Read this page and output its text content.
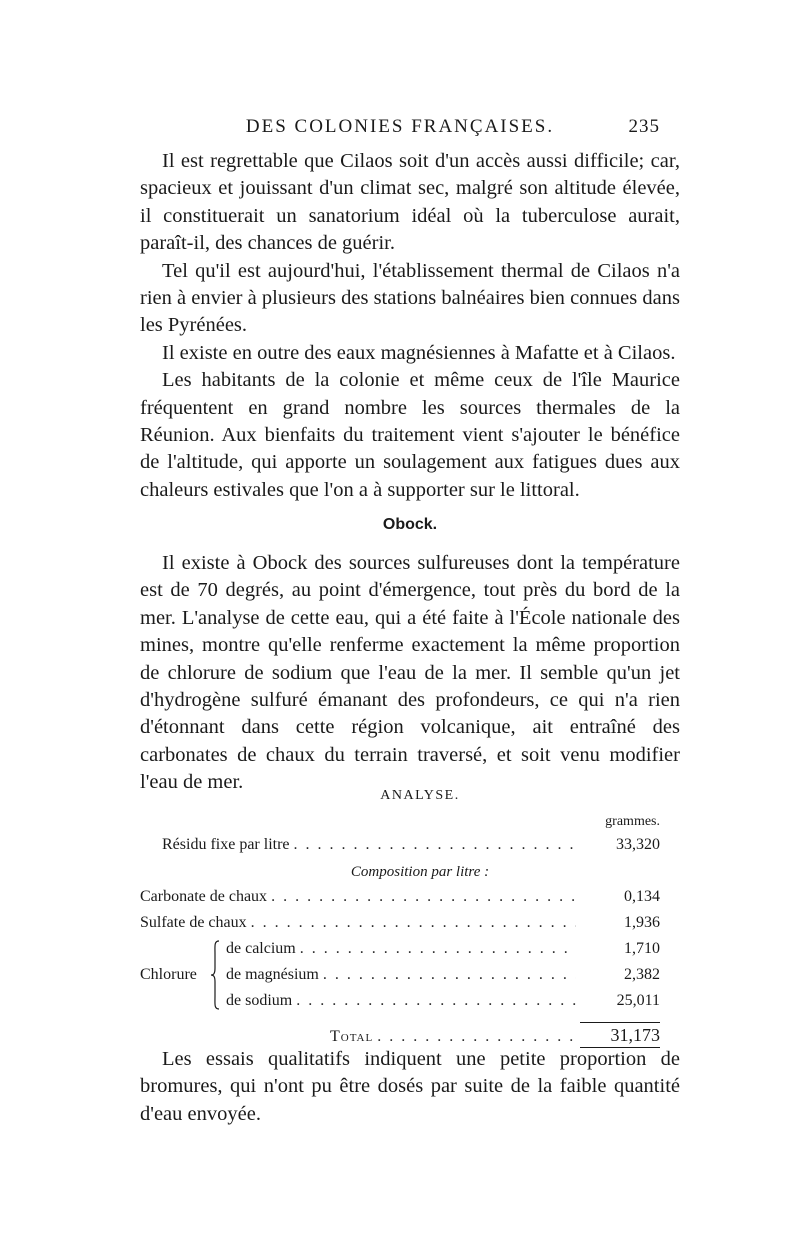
DES COLONIES FRANÇAISES.	235

Il est regrettable que Cilaos soit d'un accès aussi difficile; car, spacieux et jouissant d'un climat sec, malgré son altitude élevée, il constituerait un sanatorium idéal où la tuberculose aurait, paraît-il, des chances de guérir.

Tel qu'il est aujourd'hui, l'établissement thermal de Cilaos n'a rien à envier à plusieurs des stations balnéaires bien connues dans les Pyrénées.

Il existe en outre des eaux magnésiennes à Mafatte et à Cilaos.

Les habitants de la colonie et même ceux de l'île Maurice fréquentent en grand nombre les sources thermales de la Réunion. Aux bienfaits du traitement vient s'ajouter le bénéfice de l'altitude, qui apporte un soulagement aux fatigues dues aux chaleurs estivales que l'on a à supporter sur le littoral.

Obock.

Il existe à Obock des sources sulfureuses dont la température est de 70 degrés, au point d'émergence, tout près du bord de la mer. L'analyse de cette eau, qui a été faite à l'École nationale des mines, montre qu'elle renferme exactement la même proportion de chlorure de sodium que l'eau de la mer. Il semble qu'un jet d'hydrogène sulfuré émanant des profondeurs, ce qui n'a rien d'étonnant dans cette région volcanique, ait entraîné des carbonates de chaux du terrain traversé, et soit venu modifier l'eau de mer.

ANALYSE.
grammes.
Résidu fixe par litre . . .	33,320
Composition par litre :
Carbonate de chaux . . .	0,134
Sulfate de chaux . . .	1,936
Chlorure
de calcium . . .	1,710
de magnésium . . .	2,382
de sodium . . .	25,011
Total . . .	31,173

Les essais qualitatifs indiquent une petite proportion de bromures, qui n'ont pu être dosés par suite de la faible quantité d'eau envoyée.
